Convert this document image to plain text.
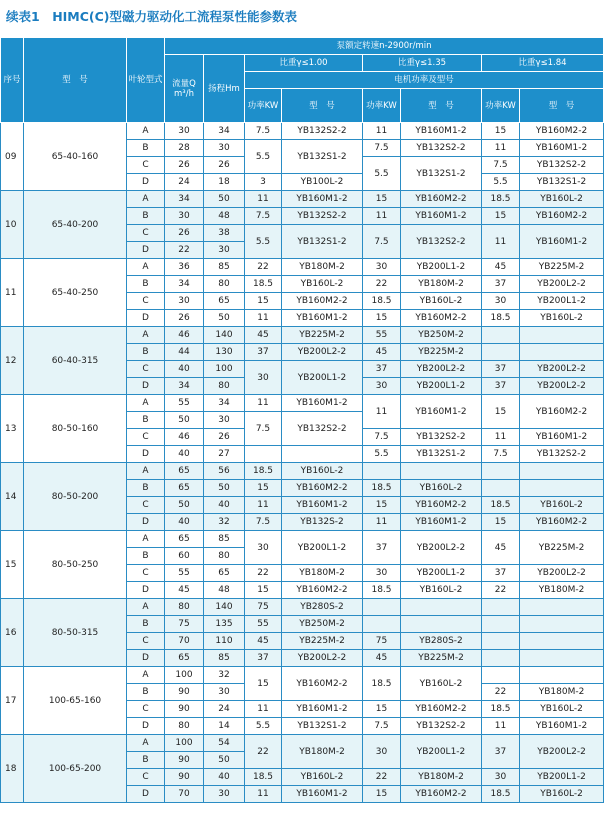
续表1　HIMC(C)型磁力驱动化工流程泵性能参数表
序号	型　号	叶轮型式	泵额定转速n-2900r/min							
			流量Q m³/h	扬程Hm	比重γ≤1.00		比重γ≤1.35		比重γ≤1.84	
					电机功率及型号					
					功率KW	型　号	功率KW	型　号	功率KW	型　号
09	65-40-160	A	30	34	7.5	YB132S2-2	11	YB160M1-2	15	YB160M2-2
		B	28	30	5.5	YB132S1-2	7.5	YB132S2-2	11	YB160M1-2
		C	26	26			5.5	YB132S1-2	7.5	YB132S2-2
		D	24	18	3	YB100L-2			5.5	YB132S1-2
10	65-40-200	A	34	50	11	YB160M1-2	15	YB160M2-2	18.5	YB160L-2
		B	30	48	7.5	YB132S2-2	11	YB160M1-2	15	YB160M2-2
		C	26	38	5.5	YB132S1-2	7.5	YB132S2-2	11	YB160M1-2
		D	22	30						
11	65-40-250	A	36	85	22	YB180M-2	30	YB200L1-2	45	YB225M-2
		B	34	80	18.5	YB160L-2	22	YB180M-2	37	YB200L2-2
		C	30	65	15	YB160M2-2	18.5	YB160L-2	30	YB200L1-2
		D	26	50	11	YB160M1-2	15	YB160M2-2	18.5	YB160L-2
12	60-40-315	A	46	140	45	YB225M-2	55	YB250M-2		
		B	44	130	37	YB200L2-2	45	YB225M-2		
		C	40	100	30	YB200L1-2	37	YB200L2-2	37	YB200L2-2
		D	34	80			30	YB200L1-2	37	YB200L2-2
13	80-50-160	A	55	34	11	YB160M1-2	11	YB160M1-2	15	YB160M2-2
		B	50	30	7.5	YB132S2-2				
		C	46	26			7.5	YB132S2-2	11	YB160M1-2
		D	40	27			5.5	YB132S1-2	7.5	YB132S2-2
14	80-50-200	A	65	56	18.5	YB160L-2				
		B	65	50	15	YB160M2-2	18.5	YB160L-2		
		C	50	40	11	YB160M1-2	15	YB160M2-2	18.5	YB160L-2
		D	40	32	7.5	YB132S-2	11	YB160M1-2	15	YB160M2-2
15	80-50-250	A	65	85	30	YB200L1-2	37	YB200L2-2	45	YB225M-2
		B	60	80						
		C	55	65	22	YB180M-2	30	YB200L1-2	37	YB200L2-2
		D	45	48	15	YB160M2-2	18.5	YB160L-2	22	YB180M-2
16	80-50-315	A	80	140	75	YB280S-2				
		B	75	135	55	YB250M-2				
		C	70	110	45	YB225M-2	75	YB280S-2		
		D	65	85	37	YB200L2-2	45	YB225M-2		
17	100-65-160	A	100	32	15	YB160M2-2	18.5	YB160L-2		
		B	90	30					22	YB180M-2
		C	90	24	11	YB160M1-2	15	YB160M2-2	18.5	YB160L-2
		D	80	14	5.5	YB132S1-2	7.5	YB132S2-2	11	YB160M1-2
18	100-65-200	A	100	54	22	YB180M-2	30	YB200L1-2	37	YB200L2-2
		B	90	50						
		C	90	40	18.5	YB160L-2	22	YB180M-2	30	YB200L1-2
		D	70	30	11	YB160M1-2	15	YB160M2-2	18.5	YB160L-2
